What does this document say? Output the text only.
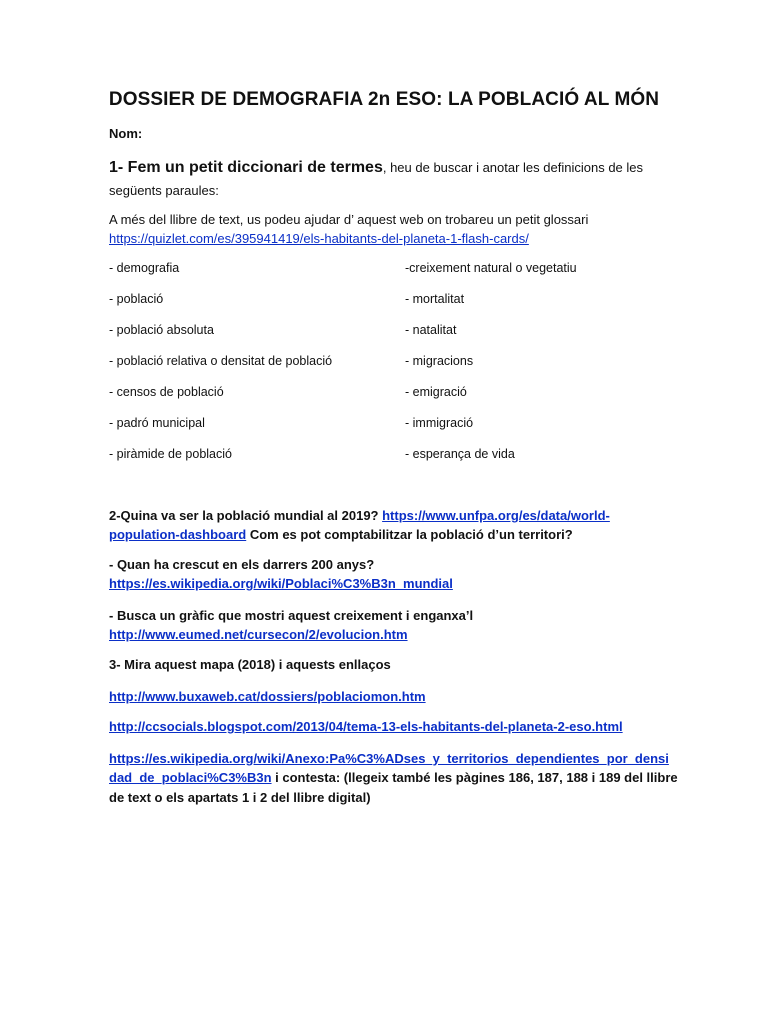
DOSSIER DE DEMOGRAFIA 2n ESO: LA POBLACIÓ AL MÓN
Nom:
1- Fem un petit diccionari de termes, heu de buscar i anotar les definicions de les
següents paraules:
A més del llibre de text, us podeu ajudar d’ aquest web on trobareu un petit glossari
https://quizlet.com/es/395941419/els-habitants-del-planeta-1-flash-cards/
- demografia
- població
- població absoluta
- població relativa o densitat de població
- censos de població
- padró municipal
- piràmide de població
-creixement natural o vegetatiu
- mortalitat
- natalitat
- migracions
- emigració
- immigració
- esperança de vida
2-Quina va ser la població mundial al 2019? https://www.unfpa.org/es/data/world-
population-dashboard Com es pot comptabilitzar la població d’un territori?
- Quan ha crescut en els darrers 200 anys?
https://es.wikipedia.org/wiki/Poblaci%C3%B3n_mundial
- Busca un gràfic que mostri aquest creixement i enganxa’l
http://www.eumed.net/cursecon/2/evolucion.htm
3- Mira aquest mapa (2018) i aquests enllaços
http://www.buxaweb.cat/dossiers/poblaciomon.htm
http://ccsocials.blogspot.com/2013/04/tema-13-els-habitants-del-planeta-2-eso.html
https://es.wikipedia.org/wiki/Anexo:Pa%C3%ADses_y_territorios_dependientes_por_densi
dad_de_poblaci%C3%B3n i contesta: (llegeix també les pàgines 186, 187, 188 i 189 del llibre
de text o els apartats 1 i 2 del llibre digital)
